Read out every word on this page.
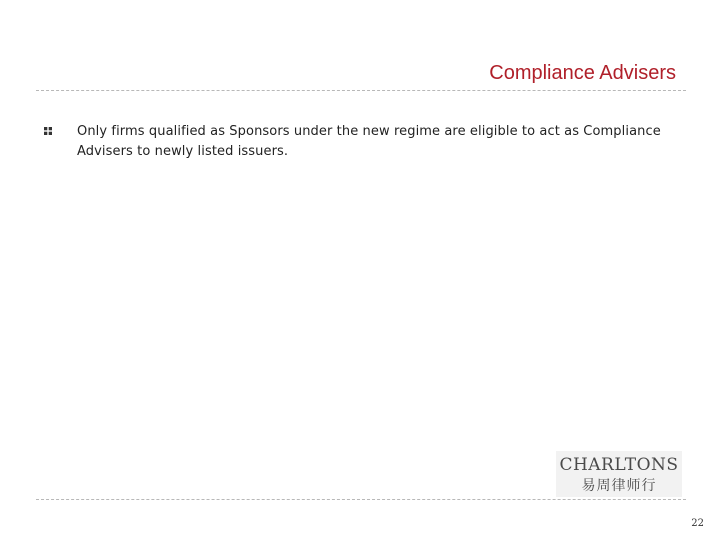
Compliance Advisers
Only firms qualified as Sponsors under the new regime are eligible to act as Compliance Advisers to newly listed issuers.
CHARLTONS
易周律师行
22
